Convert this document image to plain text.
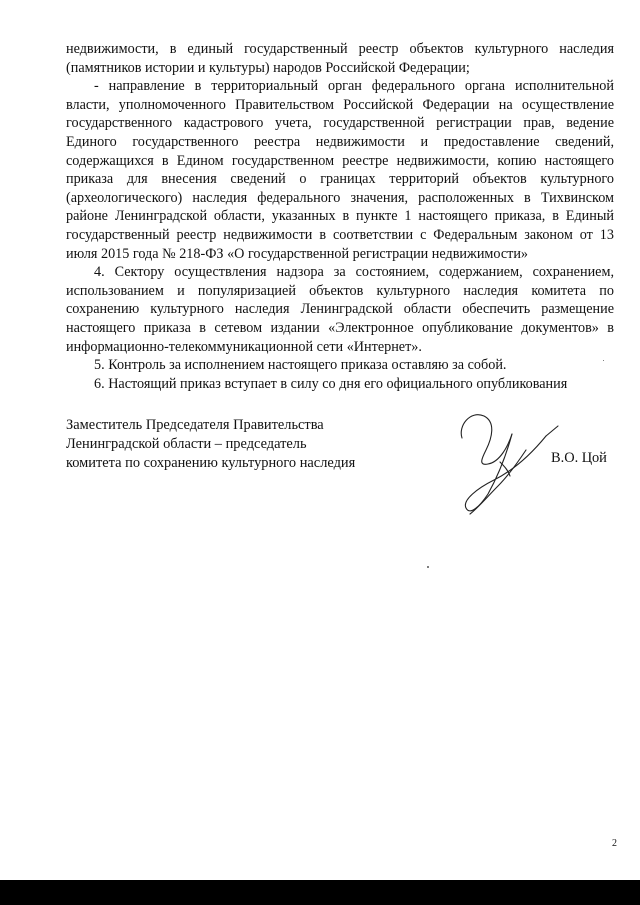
недвижимости, в единый государственный реестр объектов культурного наследия (памятников истории и культуры) народов Российской Федерации;

- направление в территориальный орган федерального органа исполнительной власти, уполномоченного Правительством Российской Федерации на осуществление государственного кадастрового учета, государственной регистрации прав, ведение Единого государственного реестра недвижимости и предоставление сведений, содержащихся в Едином государственном реестре недвижимости, копию настоящего приказа для внесения сведений о границах территорий объектов культурного (археологического) наследия федерального значения, расположенных в Тихвинском районе Ленинградской области, указанных в пункте 1 настоящего приказа, в Единый государственный реестр недвижимости в соответствии с Федеральным законом от 13 июля 2015 года № 218-ФЗ «О государственной регистрации недвижимости»

4. Сектору осуществления надзора за состоянием, содержанием, сохранением, использованием и популяризацией объектов культурного наследия комитета по сохранению культурного наследия Ленинградской области обеспечить размещение настоящего приказа в сетевом издании «Электронное опубликование документов» в информационно-телекоммуникационной сети «Интернет».

5. Контроль за исполнением настоящего приказа оставляю за собой.

6. Настоящий приказ вступает в силу со дня его официального опубликования

Заместитель Председателя Правительства
Ленинградской области – председатель
комитета по сохранению культурного наследия	В.О. Цой
2
